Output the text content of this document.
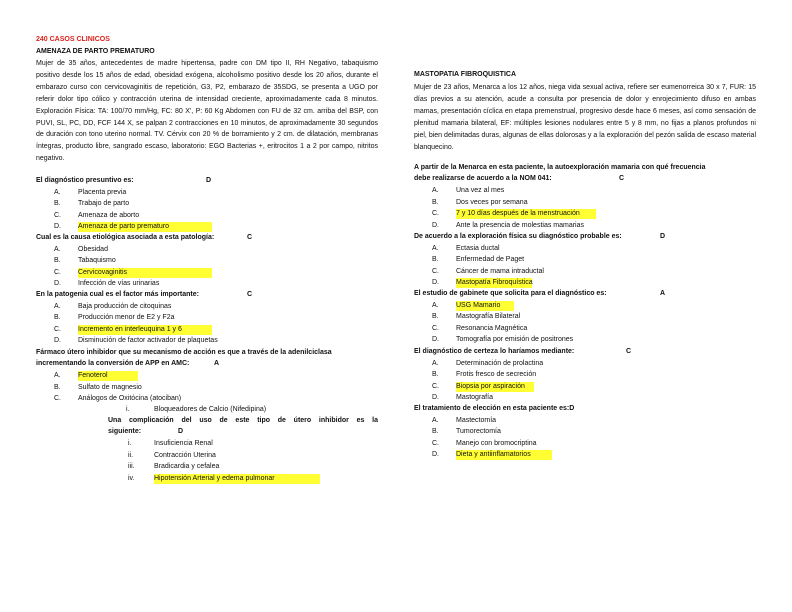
240 CASOS CLINICOS
AMENAZA DE PARTO PREMATURO
Mujer de 35 años, antecedentes de madre hipertensa, padre con DM tipo II, RH Negativo, tabaquismo positivo desde los 15 años de edad, obesidad exógena, alcoholismo positivo desde los 20 años, durante el embarazo curso con cervicovaginitis de repetición, G3, P2, embarazo de 35SDG, se presenta a UGO por referir dolor tipo cólico y contracción uterina de intensidad creciente, aproximadamente cada 8 minutos. Exploración Física: TA: 100/70 mm/Hg, FC: 80 X', P: 60 Kg Abdomen con FU de 32 cm. arriba del BSP, con PUVI, SL, PC, DD, FCF 144 X, se palpan 2 contracciones en 10 minutos, de aproximadamente 30 segundos de duración con tono uterino normal. TV. Cérvix con 20 % de borramiento y 2 cm. de dilatación, membranas íntegras, producto libre, sangrado escaso, laboratorio: EGO Bacterias +, eritrocitos 1 a 2 por campo, nitritos negativo.
El diagnóstico presuntivo es:	D
A. Placenta previa
B. Trabajo de parto
C. Amenaza de aborto
D. Amenaza de parto prematuro
Cual es la causa etiológica asociada a esta patología:	C
A. Obesidad
B. Tabaquismo
C. Cervicovaginitis
D. Infección de vías urinarias
En la patogenia cual es el factor más importante:	C
A. Baja producción de citoquinas
B. Producción menor de E2 y F2a
C. Incremento en interleuquina 1 y 6
D. Disminución de factor activador de plaquetas
Fármaco útero inhibidor que su mecanismo de acción es que a través de la adenilciclasa
incrementando la conversión de APP en AMC:	A
A. Fenoterol
B. Sulfato de magnesio
C. Análogos de Oxitócina (atociban)
i.	Bloqueadores de Calcio (Nifedipina)
Una complicación del uso de este tipo de útero inhibidor es la
siguiente:	D
i.	Insuficiencia Renal
ii.	Contracción Uterina
iii.	Bradicardia y cefalea
iv.	Hipotensión Arterial y edema pulmonar
MASTOPATIA FIBROQUISTICA
Mujer de 23 años, Menarca a los 12 años, niega vida sexual activa, refiere ser eumenorreica 30 x 7, FUR: 15 días previos a su atención, acude a consulta por presencia de dolor y enrojecimiento difuso en ambas mamas, presentación cíclica en etapa premenstrual, progresivo desde hace 6 meses, así como sensación de plenitud mamaria bilateral, EF: múltiples lesiones nodulares entre 5 y 8 mm, no fijas a planos profundos ni piel, bien delimitadas duras, algunas de ellas dolorosas y a la exploración del pezón salida de escaso material blanquecino.
A partir de la Menarca en esta paciente, la autoexploración mamaria con qué frecuencia
debe realizarse de acuerdo a la NOM 041:	C
A. Una vez al mes
B. Dos veces por semana
C. 7 y 10 días después de la menstruación
D. Ante la presencia de molestias mamarias
De acuerdo a la exploración física su diagnóstico probable es:	D
A. Ectasia ductal
B. Enfermedad de Paget
C. Cáncer de mama intraductal
D. Mastopatía Fibroquística
El estudio de gabinete que solicita para el diagnóstico es:	A
A. USG Mamario
B. Mastografía Bilateral
C. Resonancia Magnética
D. Tomografía por emisión de positrones
El diagnóstico de certeza lo haríamos mediante:	C
A. Determinación de prolactina
B. Frotis fresco de secreción
C. Biopsia por aspiración
D. Mastografía
El tratamiento de elección en esta paciente es:D
A. Mastectomía
B. Tumorectomía
C. Manejo con bromocriptina
D. Dieta y antiinflamatorios
